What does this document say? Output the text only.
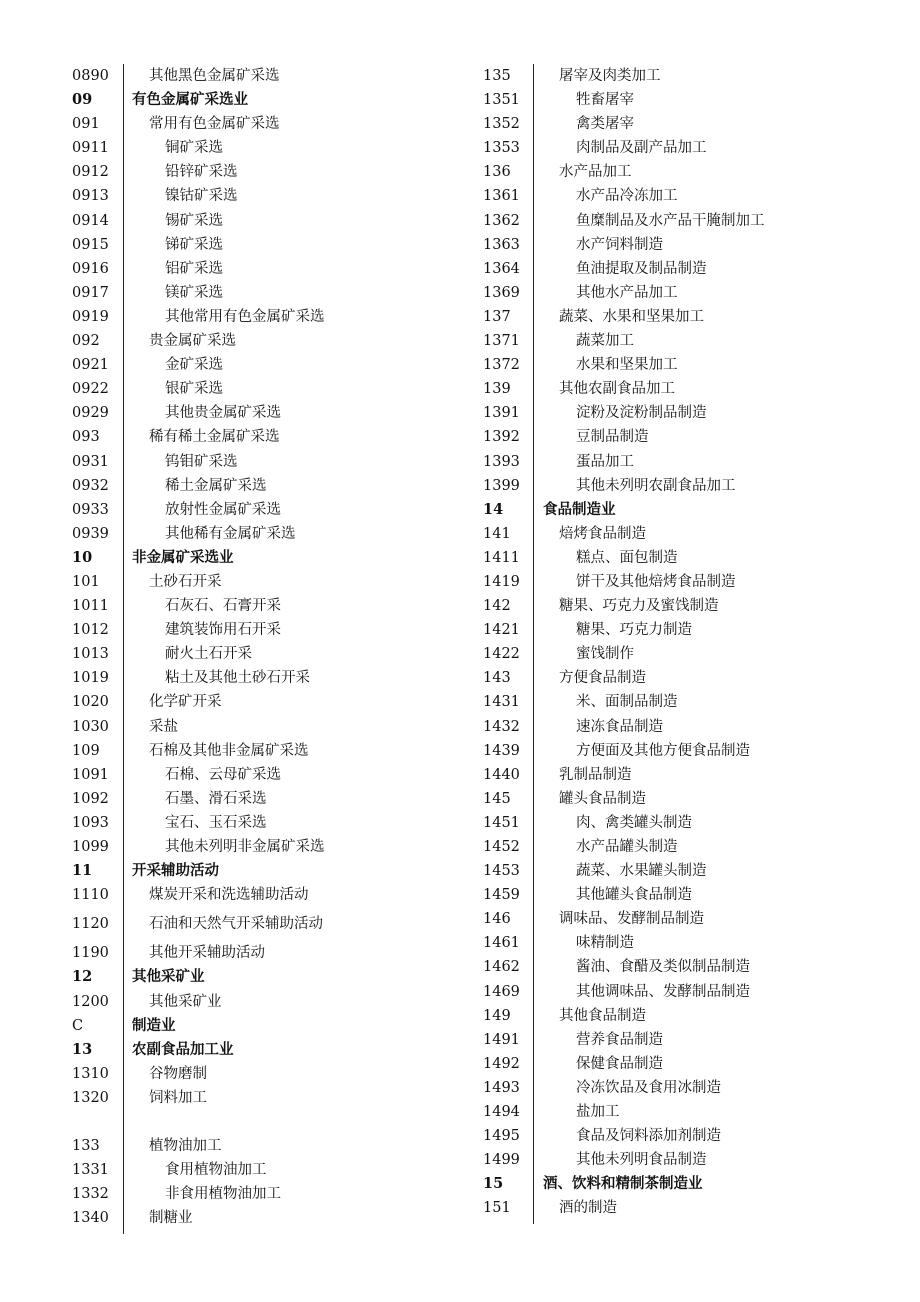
0890	其他黑色金属矿采选
09	有色金属矿采选业
091	常用有色金属矿采选
0911	铜矿采选
0912	铅锌矿采选
0913	镍钴矿采选
0914	锡矿采选
0915	锑矿采选
0916	铝矿采选
0917	镁矿采选
0919	其他常用有色金属矿采选
092	贵金属矿采选
0921	金矿采选
0922	银矿采选
0929	其他贵金属矿采选
093	稀有稀土金属矿采选
0931	钨钼矿采选
0932	稀土金属矿采选
0933	放射性金属矿采选
0939	其他稀有金属矿采选
10	非金属矿采选业
101	土砂石开采
1011	石灰石、石膏开采
1012	建筑装饰用石开采
1013	耐火土石开采
1019	粘土及其他土砂石开采
1020	化学矿开采
1030	采盐
109	石棉及其他非金属矿采选
1091	石棉、云母矿采选
1092	石墨、滑石采选
1093	宝石、玉石采选
1099	其他未列明非金属矿采选
11	开采辅助活动
1110	煤炭开采和洗选辅助活动
1120	石油和天然气开采辅助活动
1190	其他开采辅助活动
12	其他采矿业
1200	其他采矿业
C	制造业
13	农副食品加工业
1310	谷物磨制
1320	饲料加工
133	植物油加工
1331	食用植物油加工
1332	非食用植物油加工
1340	制糖业
135	屠宰及肉类加工
1351	牲畜屠宰
1352	禽类屠宰
1353	肉制品及副产品加工
136	水产品加工
1361	水产品冷冻加工
1362	鱼糜制品及水产品干腌制加工
1363	水产饲料制造
1364	鱼油提取及制品制造
1369	其他水产品加工
137	蔬菜、水果和坚果加工
1371	蔬菜加工
1372	水果和坚果加工
139	其他农副食品加工
1391	淀粉及淀粉制品制造
1392	豆制品制造
1393	蛋品加工
1399	其他未列明农副食品加工
14	食品制造业
141	焙烤食品制造
1411	糕点、面包制造
1419	饼干及其他焙烤食品制造
142	糖果、巧克力及蜜饯制造
1421	糖果、巧克力制造
1422	蜜饯制作
143	方便食品制造
1431	米、面制品制造
1432	速冻食品制造
1439	方便面及其他方便食品制造
1440	乳制品制造
145	罐头食品制造
1451	肉、禽类罐头制造
1452	水产品罐头制造
1453	蔬菜、水果罐头制造
1459	其他罐头食品制造
146	调味品、发酵制品制造
1461	味精制造
1462	酱油、食醋及类似制品制造
1469	其他调味品、发酵制品制造
149	其他食品制造
1491	营养食品制造
1492	保健食品制造
1493	冷冻饮品及食用冰制造
1494	盐加工
1495	食品及饲料添加剂制造
1499	其他未列明食品制造
15	酒、饮料和精制茶制造业
151	酒的制造
